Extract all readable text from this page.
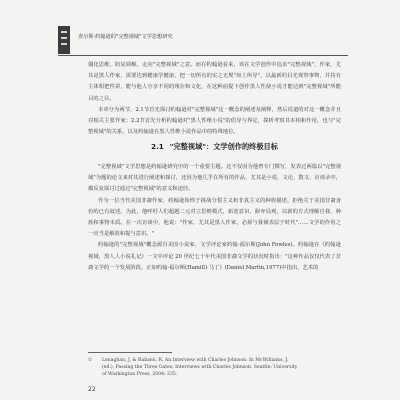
查尔斯·约翰逊的"完整视域"文学思想研究

僵化思维，防复调解，走向"完整视域"之意。而在约翰逊看来，该在文学创作中追求"完整视域"，作家，尤其是黑人作家，需要达到健康学健康，把一切所有的实之无规"如上所导"，以最新的目光观察事物，并持有主体相把性讲，能与他人分享不同的残存和文化，在这种前提下创作黑人性使小说才能达到"完整视域"所能目的之目。

本章分为两节，2.1节首先探讨约翰逊对"完整视域"这一概念的阐述及阐释，然后说道的对这一概念并且对相关主要作家；2.2节首先分析约翰逊对"黑人性维小说"的倡导与界定，探析考察其本相和作用，也与"完整视域"的关系，以及约翰逊在黑人性维小说作品中的特殊地位。

2.1 "完整视域"：文学创作的终极目标

"完整视域"文学思想是约翰逊研究中的一个重要主题。这不仅因为他曾专门撰写，发表过两篇以"完整视域"为题的论文来对其进行阐述和探讨，还因为他几乎在所有的作品，尤其是小说、文论、散文、访谈录中，都反复探讨过通过"完整视域"的意义和途径。

作为一位当代美国非裔作家，约翰逊始终于挑战分裂主义和非真主义的种族描述，拒绝关于美国非裔身份的已有叙述。为此，他呼吁人们超越二元对立思维模式，拓宽意识，摒弃局观，以新的方式理解自我、种族和事物本质。在一次访谈中，他说："作家，尤其是黑人作家，必须与我倾表层于时代"……文学的作用之一应当是解放和提与意识。"

约翰逊的"完整视域"概念源自美国小说家、文学评论家约翰·福尔斯(John Fowles)。约翰逊在《约翰逊视域，黑人人小说礼记》一文中评论 20 世纪七十年代美国非裔文学的状况时指出："这种作品仅仅代表了非裔文学的一个发展阶段，正如约翰·福尔斯(Hamill)·马丁》(Daniel Martin,1977)中指出，艺术的

① Lenaghan, J. & Rabaloi, R. An Interview with Charles Johnson. In McWilliams, J.
(ed.), Passing the Three Gates, Interviews with Charles Johnson. Seattle: University
of Washington Press, 2004: 235.
22
